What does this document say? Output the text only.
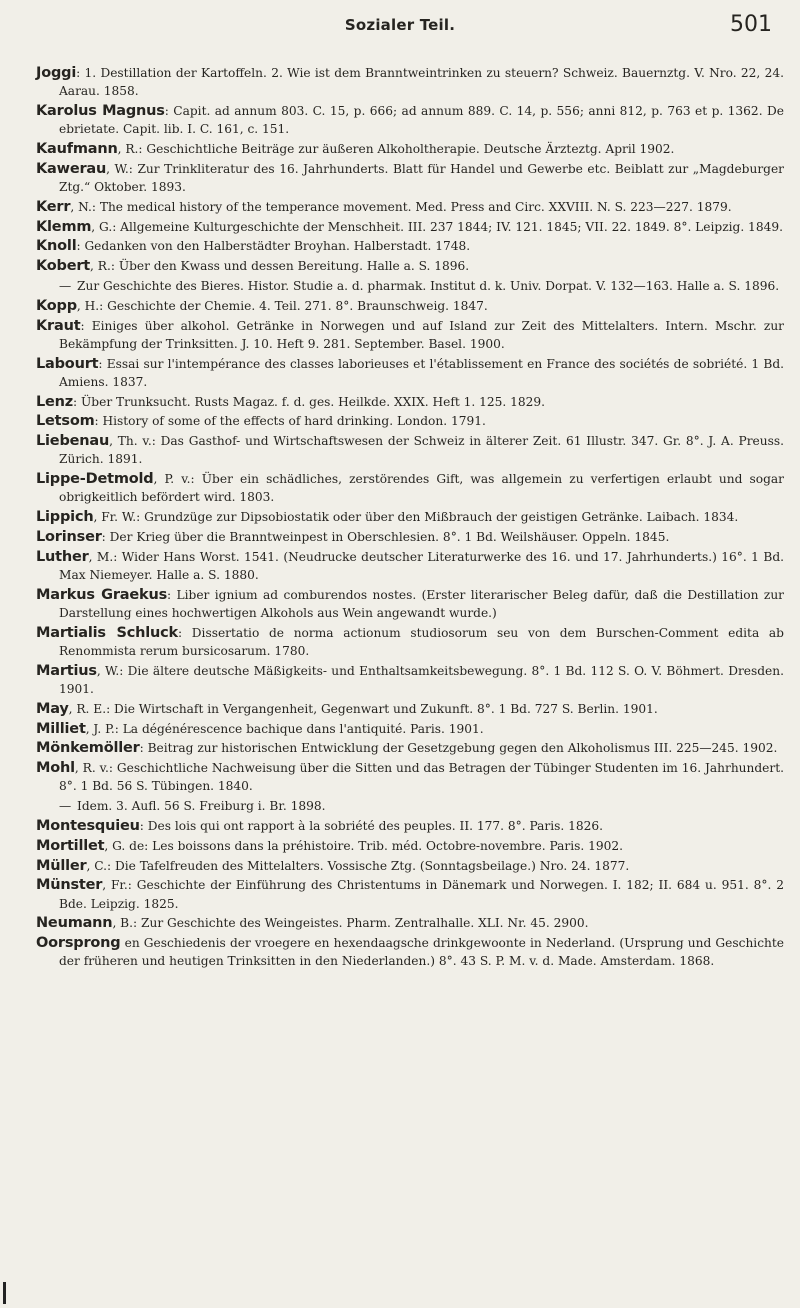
Sozialer Teil.	501

Joggi: 1. Destillation der Kartoffeln. 2. Wie ist dem Branntweintrinken zu steuern? Schweiz. Bauernztg. V. Nro. 22, 24. Aarau. 1858.

Karolus Magnus: Capit. ad annum 803. C. 15, p. 666; ad annum 889. C. 14, p. 556; anni 812, p. 763 et p. 1362. De ebrietate. Capit. lib. I. C. 161, c. 151.

Kaufmann, R.: Geschichtliche Beiträge zur äußeren Alkoholtherapie. Deutsche Ärzteztg. April 1902.

Kawerau, W.: Zur Trinkliteratur des 16. Jahrhunderts. Blatt für Handel und Gewerbe etc. Beiblatt zur „Magdeburger Ztg.“ Oktober. 1893.

Kerr, N.: The medical history of the temperance movement. Med. Press and Circ. XXVIII. N. S. 223—227. 1879.

Klemm, G.: Allgemeine Kulturgeschichte der Menschheit. III. 237 1844; IV. 121. 1845; VII. 22. 1849. 8°. Leipzig. 1849.

Knoll: Gedanken von den Halberstädter Broyhan. Halberstadt. 1748.

Kobert, R.: Über den Kwass und dessen Bereitung. Halle a. S. 1896.

— Zur Geschichte des Bieres. Histor. Studie a. d. pharmak. Institut d. k. Univ. Dorpat. V. 132—163. Halle a. S. 1896.

Kopp, H.: Geschichte der Chemie. 4. Teil. 271. 8°. Braunschweig. 1847.

Kraut: Einiges über alkohol. Getränke in Norwegen und auf Island zur Zeit des Mittelalters. Intern. Mschr. zur Bekämpfung der Trinksitten. J. 10. Heft 9. 281. September. Basel. 1900.

Labourt: Essai sur l'intempérance des classes laborieuses et l'établissement en France des sociétés de sobriété. 1 Bd. Amiens. 1837.

Lenz: Über Trunksucht. Rusts Magaz. f. d. ges. Heilkde. XXIX. Heft 1. 125. 1829.

Letsom: History of some of the effects of hard drinking. London. 1791.

Liebenau, Th. v.: Das Gasthof- und Wirtschaftswesen der Schweiz in älterer Zeit. 61 Illustr. 347. Gr. 8°. J. A. Preuss. Zürich. 1891.

Lippe-Detmold, P. v.: Über ein schädliches, zerstörendes Gift, was allgemein zu verfertigen erlaubt und sogar obrigkeitlich befördert wird. 1803.

Lippich, Fr. W.: Grundzüge zur Dipsobiostatik oder über den Mißbrauch der geistigen Getränke. Laibach. 1834.

Lorinser: Der Krieg über die Branntweinpest in Oberschlesien. 8°. 1 Bd. Weilshäuser. Oppeln. 1845.

Luther, M.: Wider Hans Worst. 1541. (Neudrucke deutscher Literaturwerke des 16. und 17. Jahrhunderts.) 16°. 1 Bd. Max Niemeyer. Halle a. S. 1880.

Markus Graekus: Liber ignium ad comburendos nostes. (Erster literarischer Beleg dafür, daß die Destillation zur Darstellung eines hochwertigen Alkohols aus Wein angewandt wurde.)

Martialis Schluck: Dissertatio de norma actionum studiosorum seu von dem Burschen-Comment edita ab Renommista rerum bursicosarum. 1780.

Martius, W.: Die ältere deutsche Mäßigkeits- und Enthaltsamkeitsbewegung. 8°. 1 Bd. 112 S. O. V. Böhmert. Dresden. 1901.

May, R. E.: Die Wirtschaft in Vergangenheit, Gegenwart und Zukunft. 8°. 1 Bd. 727 S. Berlin. 1901.

Milliet, J. P.: La dégénérescence bachique dans l'antiquité. Paris. 1901.

Mönkemöller: Beitrag zur historischen Entwicklung der Gesetzgebung gegen den Alkoholismus III. 225—245. 1902.

Mohl, R. v.: Geschichtliche Nachweisung über die Sitten und das Betragen der Tübinger Studenten im 16. Jahrhundert. 8°. 1 Bd. 56 S. Tübingen. 1840.

— Idem. 3. Aufl. 56 S. Freiburg i. Br. 1898.

Montesquieu: Des lois qui ont rapport à la sobriété des peuples. II. 177. 8°. Paris. 1826.

Mortillet, G. de: Les boissons dans la préhistoire. Trib. méd. Octobre-novembre. Paris. 1902.

Müller, C.: Die Tafelfreuden des Mittelalters. Vossische Ztg. (Sonntagsbeilage.) Nro. 24. 1877.

Münster, Fr.: Geschichte der Einführung des Christentums in Dänemark und Norwegen. I. 182; II. 684 u. 951. 8°. 2 Bde. Leipzig. 1825.

Neumann, B.: Zur Geschichte des Weingeistes. Pharm. Zentralhalle. XLI. Nr. 45. 2900.

Oorsprong en Geschiedenis der vroegere en hexendaagsche drinkgewoonte in Nederland. (Ursprung und Geschichte der früheren und heutigen Trinksitten in den Niederlanden.) 8°. 43 S. P. M. v. d. Made. Amsterdam. 1868.
